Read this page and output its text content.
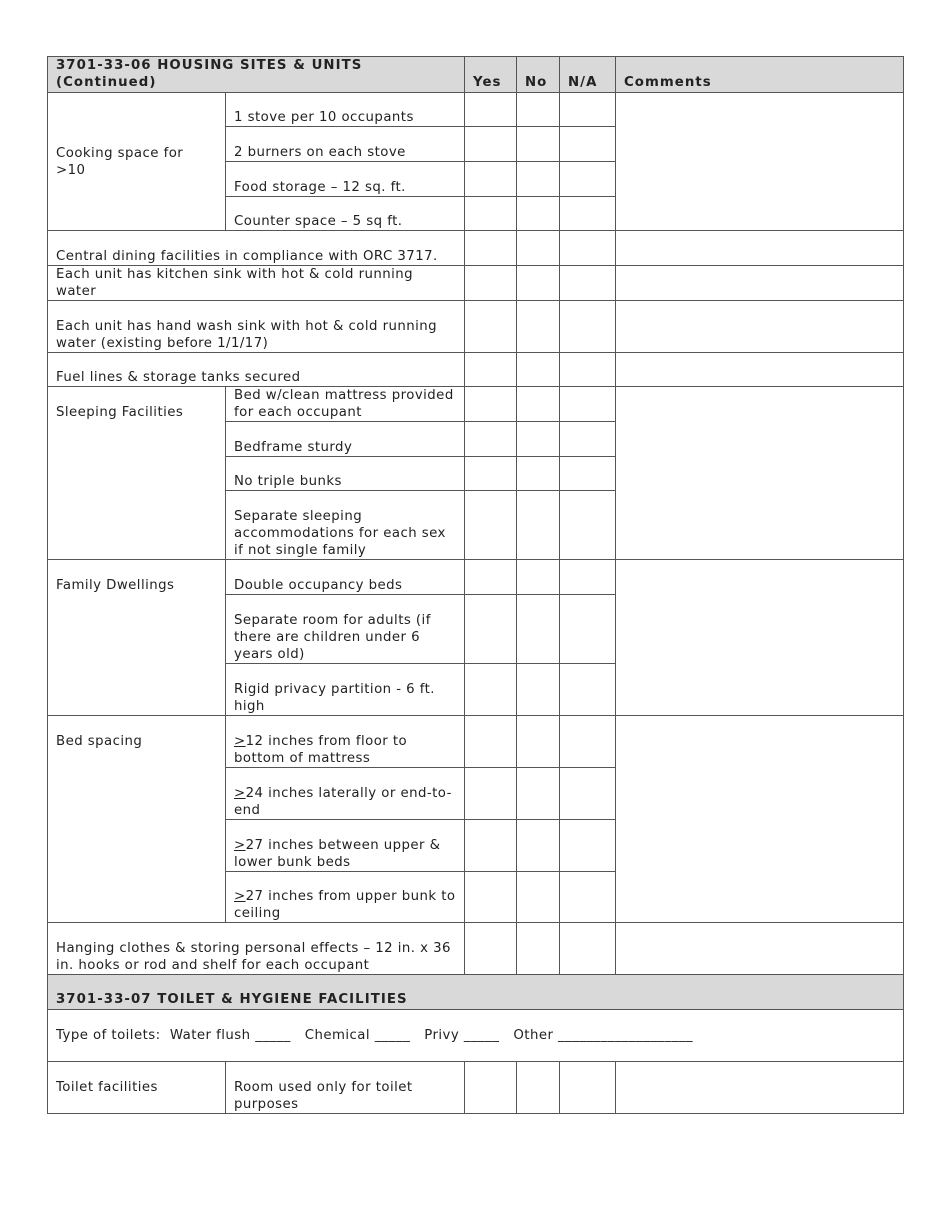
3701-33-06 HOUSING SITES & UNITS (Continued)		Yes	No	N/A	Comments
Cooking space for >10	1 stove per 10 occupants				
	2 burners on each stove				
	Food storage – 12 sq. ft.				
	Counter space – 5 sq ft.				
Central dining facilities in compliance with ORC 3717.					
Each unit has kitchen sink with hot & cold running water					
Each unit has hand wash sink with hot & cold running water (existing before 1/1/17)					
Fuel lines & storage tanks secured					
Sleeping Facilities	Bed w/clean mattress provided for each occupant				
	Bedframe sturdy				
	No triple bunks				
	Separate sleeping accommodations for each sex if not single family				
Family Dwellings	Double occupancy beds				
	Separate room for adults (if there are children under 6 years old)				
	Rigid privacy partition - 6 ft. high				
Bed spacing	≥12 inches from floor to bottom of mattress				
	≥24 inches laterally or end-to-end				
	≥27 inches between upper & lower bunk beds				
	≥27 inches from upper bunk to ceiling				
Hanging clothes & storing personal effects – 12 in. x 36 in. hooks or rod and shelf for each occupant					
3701-33-07 TOILET & HYGIENE FACILITIES					
Type of toilets:  Water flush _____   Chemical _____   Privy _____   Other ___________________					
Toilet facilities	Room used only for toilet purposes				
